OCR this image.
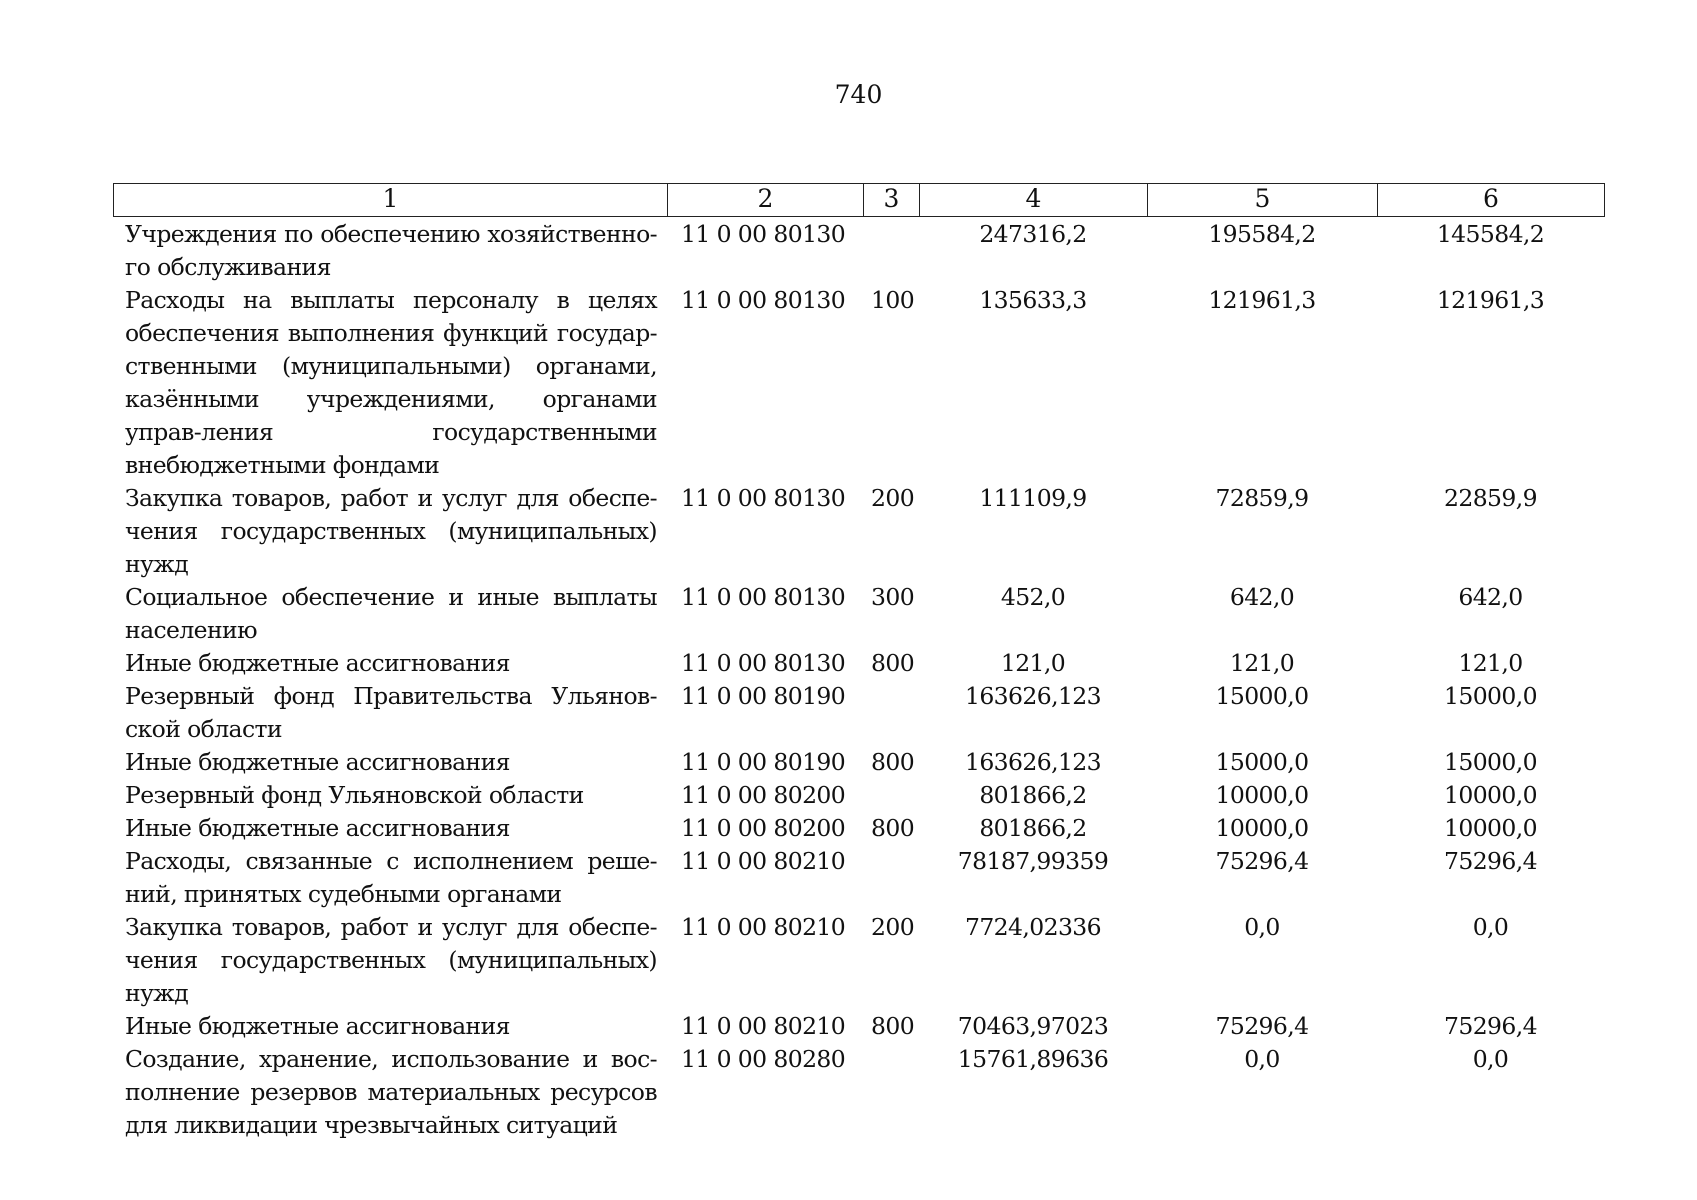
740
1	2	3	4	5	6
Учреждения по обеспечению хозяйственно-го обслуживания	11 0 00 80130		247316,2	195584,2	145584,2
Расходы на выплаты персоналу в целях обеспечения выполнения функций государ-ственными (муниципальными) органами, казёнными учреждениями, органами управ-ления государственными внебюджетными фондами	11 0 00 80130	100	135633,3	121961,3	121961,3
Закупка товаров, работ и услуг для обеспе-чения государственных (муниципальных) нужд	11 0 00 80130	200	111109,9	72859,9	22859,9
Социальное обеспечение и иные выплаты населению	11 0 00 80130	300	452,0	642,0	642,0
Иные бюджетные ассигнования	11 0 00 80130	800	121,0	121,0	121,0
Резервный фонд Правительства Ульянов-ской области	11 0 00 80190		163626,123	15000,0	15000,0
Иные бюджетные ассигнования	11 0 00 80190	800	163626,123	15000,0	15000,0
Резервный фонд Ульяновской области	11 0 00 80200		801866,2	10000,0	10000,0
Иные бюджетные ассигнования	11 0 00 80200	800	801866,2	10000,0	10000,0
Расходы, связанные с исполнением реше-ний, принятых судебными органами	11 0 00 80210		78187,99359	75296,4	75296,4
Закупка товаров, работ и услуг для обеспе-чения государственных (муниципальных) нужд	11 0 00 80210	200	7724,02336	0,0	0,0
Иные бюджетные ассигнования	11 0 00 80210	800	70463,97023	75296,4	75296,4
Создание, хранение, использование и вос-полнение резервов материальных ресурсов для ликвидации чрезвычайных ситуаций	11 0 00 80280		15761,89636	0,0	0,0
